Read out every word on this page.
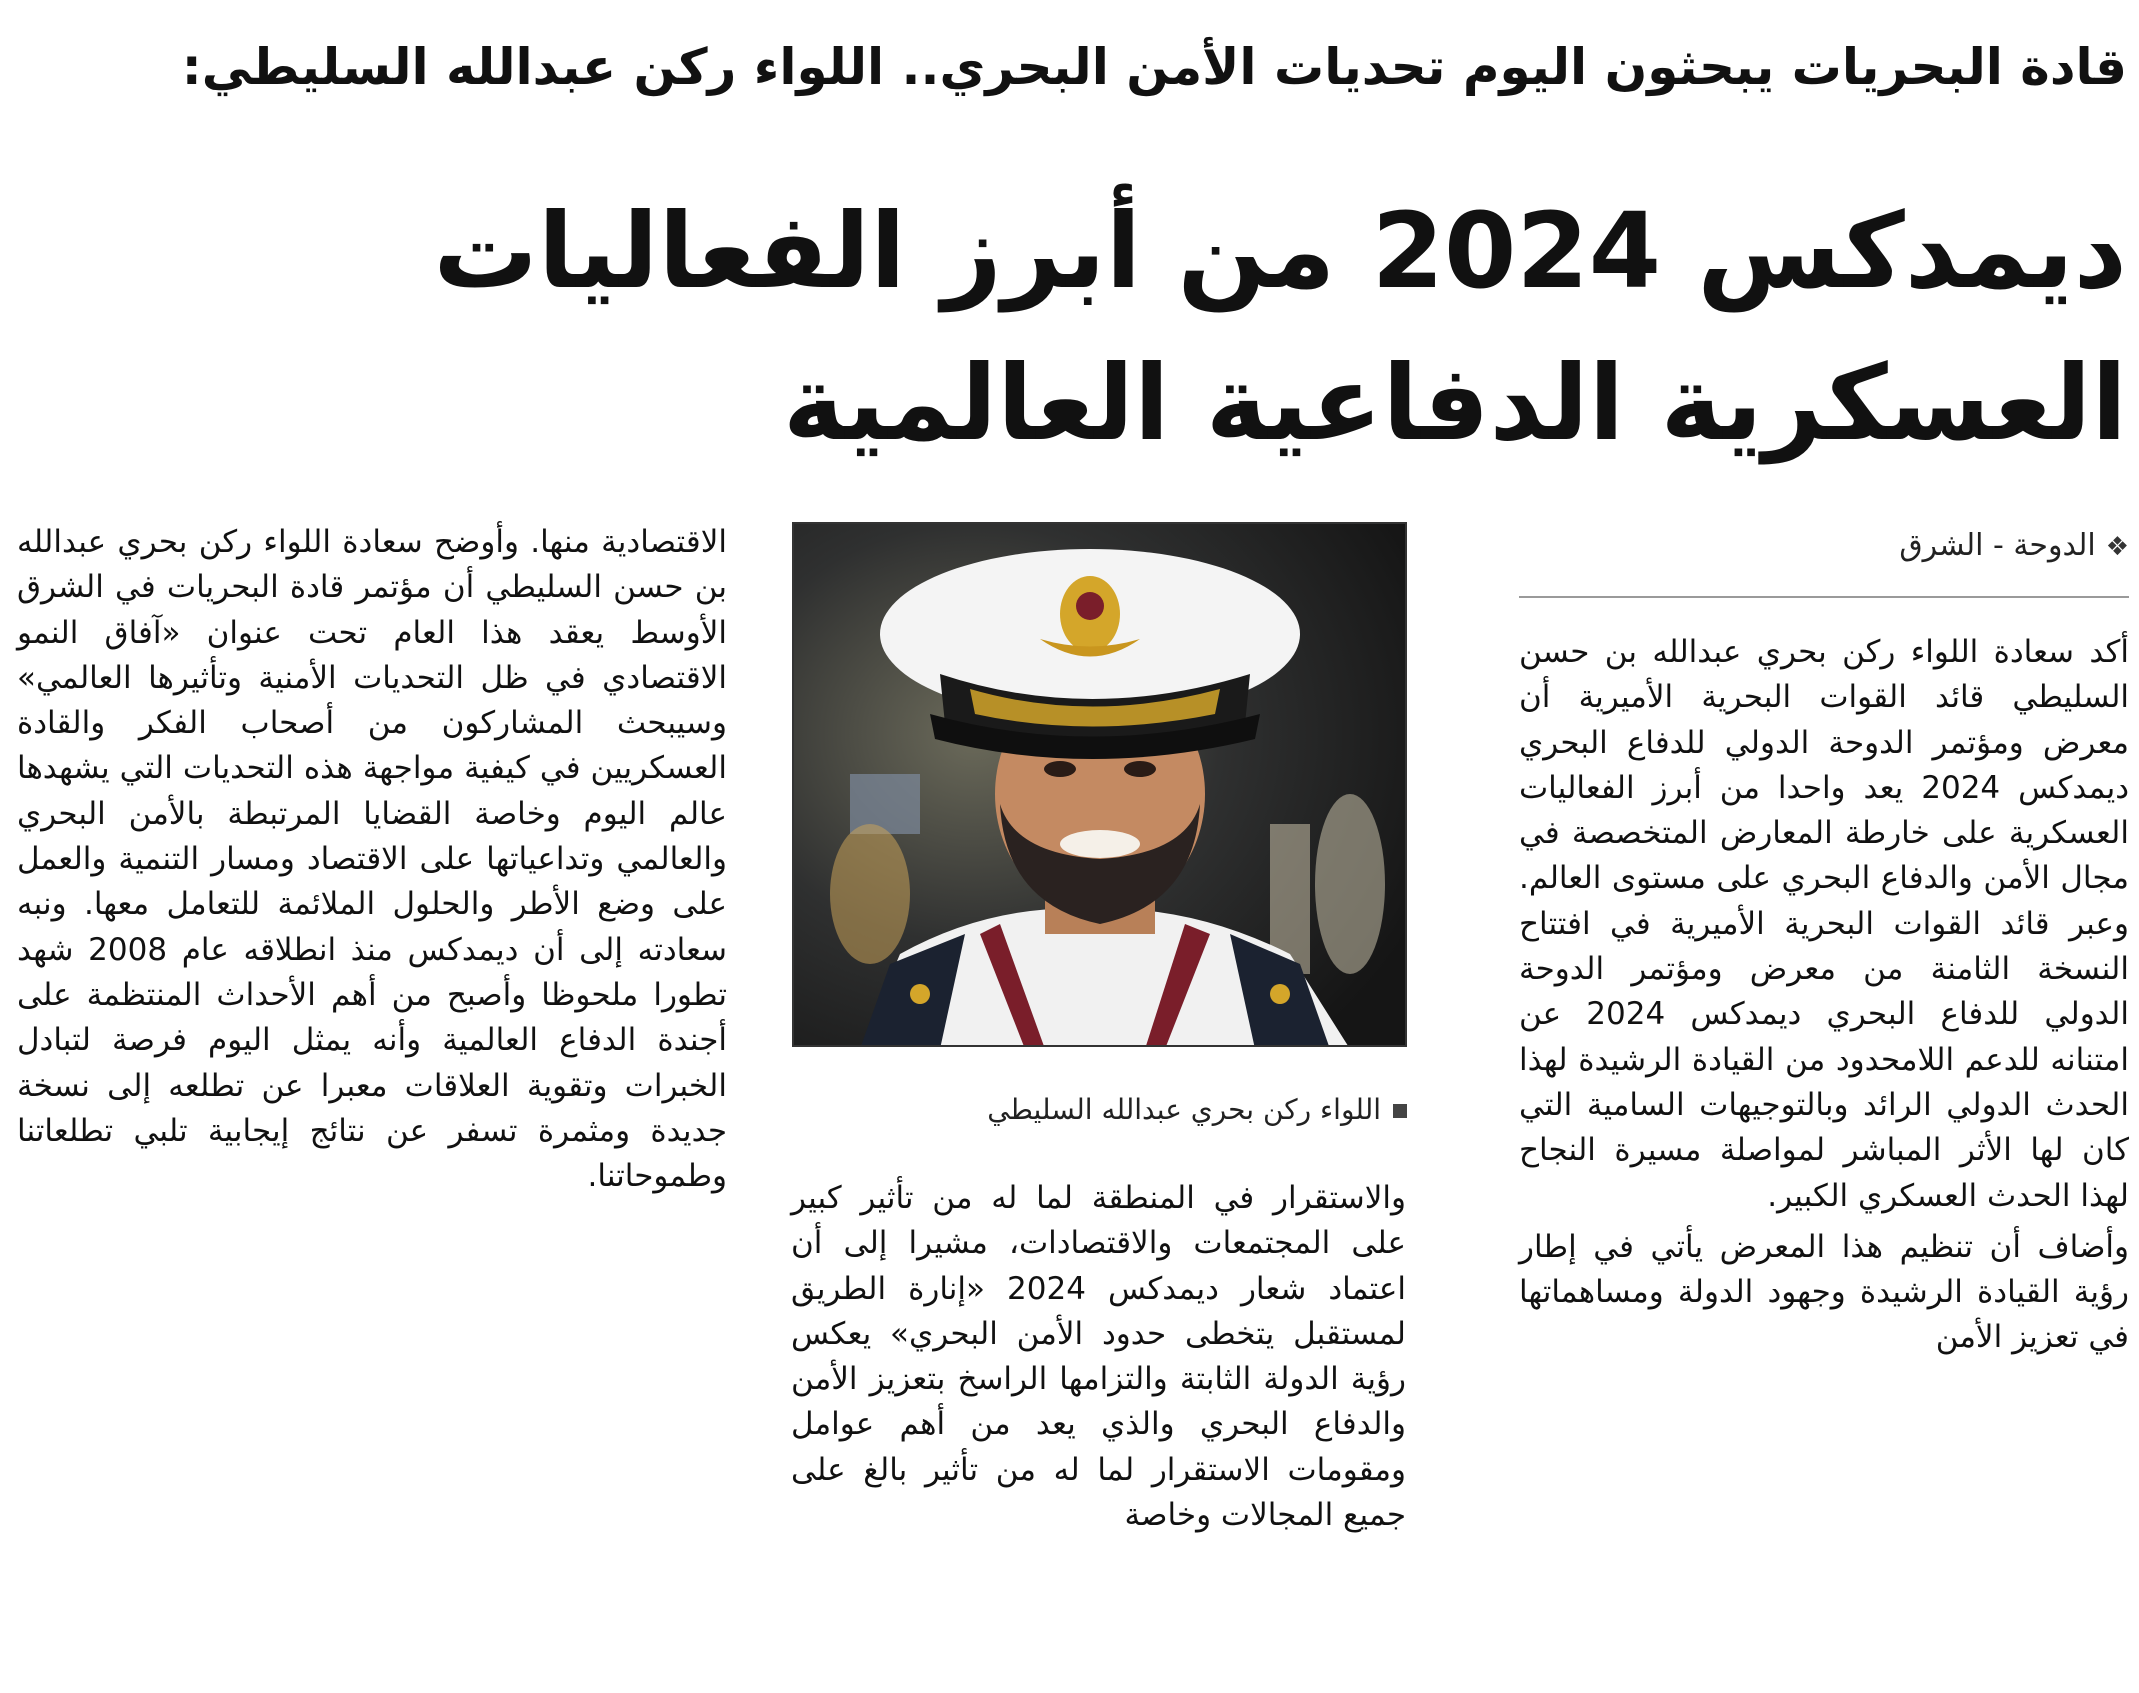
قادة البحريات يبحثون اليوم تحديات الأمن البحري.. اللواء ركن عبدالله السليطي:
ديمدكس 2024 من أبرز الفعاليات
العسكرية الدفاعية العالمية
❖الدوحة - الشرق

أكد سعادة اللواء ركن بحري عبدالله بن حسن السليطي قائد القوات البحرية الأميرية أن معرض ومؤتمر الدوحة الدولي للدفاع البحري ديمدكس 2024 يعد واحدا من أبرز الفعاليات العسكرية على خارطة المعارض المتخصصة في مجال الأمن والدفاع البحري على مستوى العالم. وعبر قائد القوات البحرية الأميرية في افتتاح النسخة الثامنة من معرض ومؤتمر الدوحة الدولي للدفاع البحري ديمدكس 2024 عن امتنانه للدعم اللامحدود من القيادة الرشيدة لهذا الحدث الدولي الرائد وبالتوجيهات السامية التي كان لها الأثر المباشر لمواصلة مسيرة النجاح لهذا الحدث العسكري الكبير.

وأضاف أن تنظيم هذا المعرض يأتي في إطار رؤية القيادة الرشيدة وجهود الدولة ومساهماتها في تعزيز الأمن

اللواء ركن بحري عبدالله السليطي

والاستقرار في المنطقة لما له من تأثير كبير على المجتمعات والاقتصادات، مشيرا إلى أن اعتماد شعار ديمدكس 2024 «إنارة الطريق لمستقبل يتخطى حدود الأمن البحري» يعكس رؤية الدولة الثابتة والتزامها الراسخ بتعزيز الأمن والدفاع البحري والذي يعد من أهم عوامل ومقومات الاستقرار لما له من تأثير بالغ على جميع المجالات وخاصة

الاقتصادية منها. وأوضح سعادة اللواء ركن بحري عبدالله بن حسن السليطي أن مؤتمر قادة البحريات في الشرق الأوسط يعقد هذا العام تحت عنوان «آفاق النمو الاقتصادي في ظل التحديات الأمنية وتأثيرها العالمي» وسيبحث المشاركون من أصحاب الفكر والقادة العسكريين في كيفية مواجهة هذه التحديات التي يشهدها عالم اليوم وخاصة القضايا المرتبطة بالأمن البحري والعالمي وتداعياتها على الاقتصاد ومسار التنمية والعمل على وضع الأطر والحلول الملائمة للتعامل معها. ونبه سعادته إلى أن ديمدكس منذ انطلاقه عام 2008 شهد تطورا ملحوظا وأصبح من أهم الأحداث المنتظمة على أجندة الدفاع العالمية وأنه يمثل اليوم فرصة لتبادل الخبرات وتقوية العلاقات معبرا عن تطلعه إلى نسخة جديدة ومثمرة تسفر عن نتائج إيجابية تلبي تطلعاتنا وطموحاتنا.
